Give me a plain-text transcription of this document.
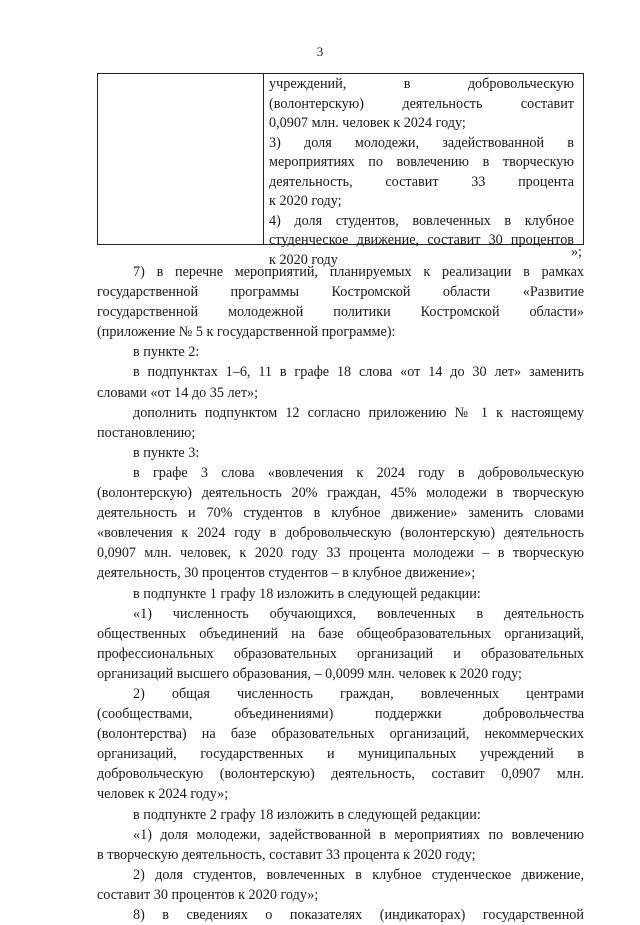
3
учреждений, в добровольческую
(волонтерскую) деятельность составит
0,0907 млн. человек к 2024 году;
3) доля молодежи, задействованной в
мероприятиях по вовлечению в творческую
деятельность, составит 33 процента
к 2020 году;
4) доля студентов, вовлеченных в клубное
студенческое движение, составит 30 процентов
к 2020 году	»;
7) в перечне мероприятий, планируемых к реализации в рамках
государственной программы Костромской области «Развитие
государственной молодежной политики Костромской области»
(приложение № 5 к государственной программе):
в пункте 2:
в подпунктах 1–6, 11 в графе 18 слова «от 14 до 30 лет» заменить
словами «от 14 до 35 лет»;
дополнить подпунктом 12 согласно приложению № 1 к настоящему
постановлению;
в пункте 3:
в графе 3 слова «вовлечения к 2024 году в добровольческую
(волонтерскую) деятельность 20% граждан, 45% молодежи в творческую
деятельность и 70% студентов в клубное движение» заменить словами
«вовлечения к 2024 году в добровольческую (волонтерскую) деятельность
0,0907 млн. человек, к 2020 году 33 процента молодежи – в творческую
деятельность, 30 процентов студентов – в клубное движение»;
в подпункте 1 графу 18 изложить в следующей редакции:
«1) численность обучающихся, вовлеченных в деятельность
общественных объединений на базе общеобразовательных организаций,
профессиональных образовательных организаций и образовательных
организаций высшего образования, – 0,0099 млн. человек к 2020 году;
2) общая численность граждан, вовлеченных центрами
(сообществами, объединениями) поддержки добровольчества
(волонтерства) на базе образовательных организаций, некоммерческих
организаций, государственных и муниципальных учреждений в
добровольческую (волонтерскую) деятельность, составит 0,0907 млн.
человек к 2024 году»;
в подпункте 2 графу 18 изложить в следующей редакции:
«1) доля молодежи, задействованной в мероприятиях по вовлечению
в творческую деятельность, составит 33 процента к 2020 году;
2) доля студентов, вовлеченных в клубное студенческое движение,
составит 30 процентов к 2020 году»;
8) в сведениях о показателях (индикаторах) государственной
